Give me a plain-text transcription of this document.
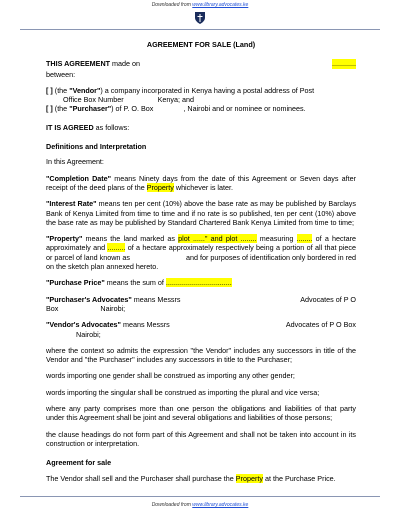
Downloaded from www.library.advocates.ke
AGREEMENT FOR SALE (Land)
THIS AGREEMENT made on	............

between:

[ ] (the "Vendor") a company incorporated in Kenya having a postal address of Post
Office Box Number	Kenya; and

[ ] (the "Purchaser") of P. O. Box	, Nairobi and or nominee or nominees.

IT IS AGREED as follows:

Definitions and Interpretation

In this Agreement:

"Completion Date" means Ninety days from the date of this Agreement or Seven days after receipt of the deed plans of the Property whichever is later.

"Interest Rate" means ten per cent (10%) above the base rate as may be published by Barclays Bank of Kenya Limited from time to time and if no rate is so published, ten per cent (10%) above the base rate as may be published by Standard Chartered Bank Kenya Limited from time to time;

"Property" means the land marked as plot ......" and plot ........ measuring ........ of a hectare approximately and ......... of a hectare approximately respectively being a portion of all that piece or parcel of land known as	and for purposes of identification only bordered in red on the sketch plan annexed hereto.

"Purchase Price" means the sum of .................................

"Purchaser's Advocates" means Messrs	Advocates of P O

Box	Nairobi;

"Vendor's Advocates" means Messrs	Advocates of P O Box

Nairobi;

where the context so admits the expression "the Vendor" includes any successors in title of the Vendor and "the Purchaser" includes any successors in title to the Purchaser;

words importing one gender shall be construed as importing any other gender;

words importing the singular shall be construed as importing the plural and vice versa;

where any party comprises more than one person the obligations and liabilities of that party under this Agreement shall be joint and several obligations and liabilities of those persons;

the clause headings do not form part of this Agreement and shall not be taken into account in its construction or interpretation.

Agreement for sale

The Vendor shall sell and the Purchaser shall purchase the Property at the Purchase Price.

Downloaded from www.library.advocates.ke
